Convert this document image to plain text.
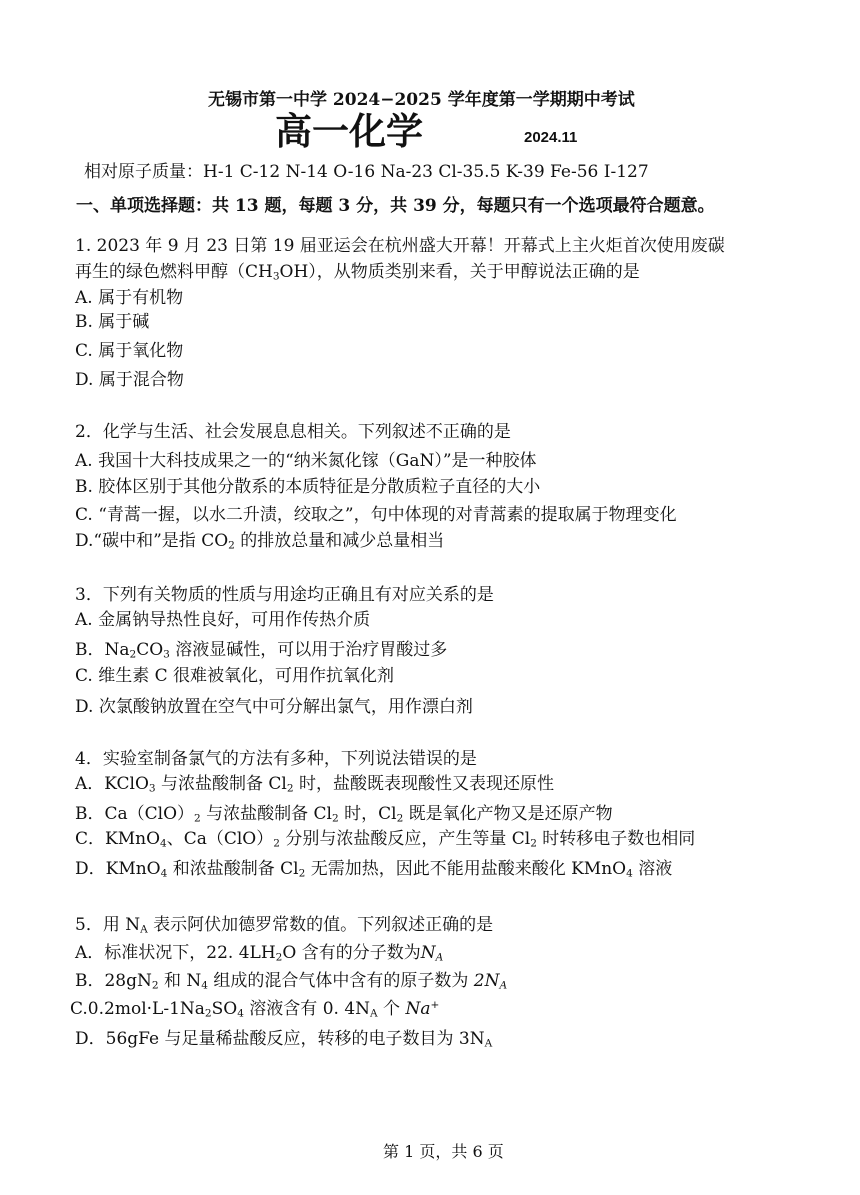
无锡市第一中学 2024−2025 学年度第一学期期中考试
高一化学	2024.11
相对原子质量：H-1 C-12 N-14 O-16 Na-23 Cl-35.5 K-39 Fe-56 I-127
一、单项选择题：共 13 题，每题 3 分，共 39 分，每题只有一个选项最符合题意。
1. 2023 年 9 月 23 日第 19 届亚运会在杭州盛大开幕！开幕式上主火炬首次使用废碳
再生的绿色燃料甲醇$(CH_3OH)$，从物质类别来看，关于甲醇说法正确的是
A. 属于有机物
B. 属于碱
C. 属于氧化物
D. 属于混合物
2．化学与生活、社会发展息息相关。下列叙述不正确的是
A. 我国十大科技成果之一的“纳米氮化镓（GaN）”是一种胶体
B. 胶体区别于其他分散系的本质特征是分散质粒子直径的大小
C. “青蒿一握，以水二升渍，绞取之”，句中体现的对青蒿素的提取属于物理变化
D.“碳中和”是指 $CO_2$ 的排放总量和减少总量相当
3．下列有关物质的性质与用途均正确且有对应关系的是
A. 金属钠导热性良好，可用作传热介质
B．$Na_2CO_3$ 溶液显碱性，可以用于治疗胃酸过多
C. 维生素 C 很难被氧化，可用作抗氧化剂
D. 次氯酸钠放置在空气中可分解出氯气，用作漂白剂
4．实验室制备氯气的方法有多种，下列说法错误的是
A．KClO$_3$ 与浓盐酸制备 $Cl_2$ 时，盐酸既表现酸性又表现还原性
B．$Ca(ClO)_2$ 与浓盐酸制备 $Cl_2$ 时，$Cl_2$ 既是氧化产物又是还原产物
C．KMnO$_4$、$Ca(ClO)_2$ 分别与浓盐酸反应，产生等量 $Cl_2$ 时转移电子数也相同
D．KMnO$_4$ 和浓盐酸制备 $Cl_2$ 无需加热，因此不能用盐酸来酸化 KMnO$_4$ 溶液
5．用 $N_A$ 表示阿伏加德罗常数的值。下列叙述正确的是
A．标准状况下，22. $4LH_2O$ 含有的分子数为$N_A$
B．$28gN_2$ 和 $N_4$ 组成的混合气体中含有的原子数为 $2N_A$
$C.0.2mol\cdot L-1Na_2SO_4$ 溶液含有 0. $4N_A$ 个 Na+
D．56gFe 与足量稀盐酸反应，转移的电子数目为 $3N_A$
第 1 页，共 6 页
